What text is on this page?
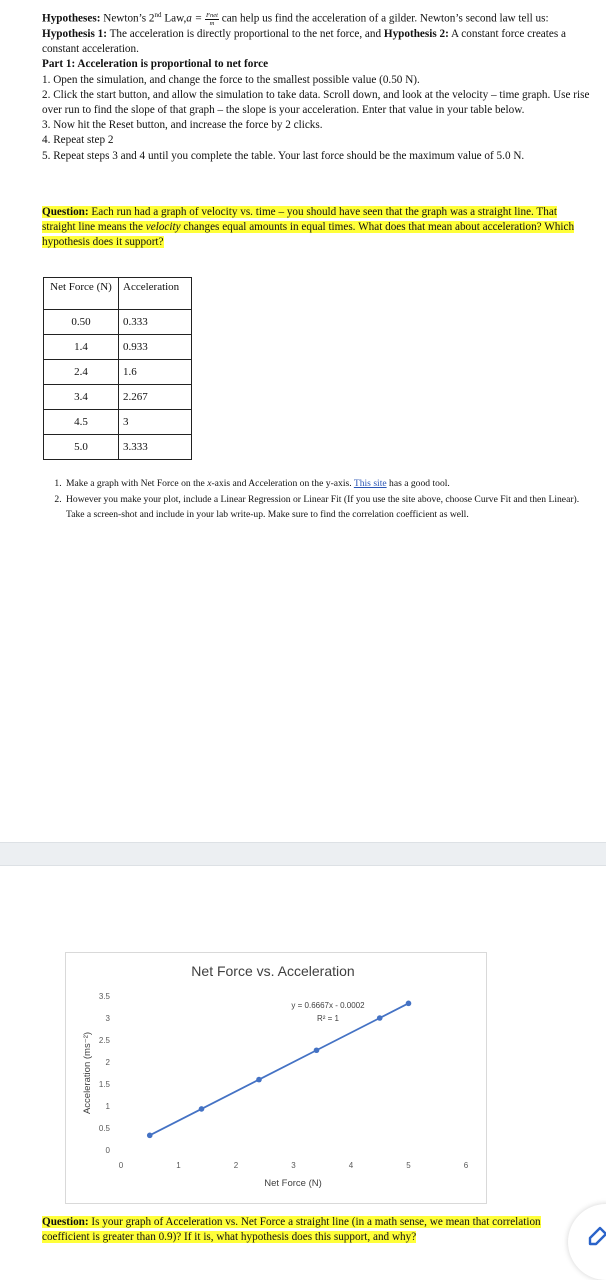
Hypotheses: Newton’s 2nd $Law,a = \frac{\text{Fnet}}{m}$ can help us find the acceleration of a gilder. Newton’s second law tell us: Hypothesis 1: The acceleration is directly proportional to the net force, and Hypothesis 2: A constant force creates a constant acceleration.

Part 1: Acceleration is proportional to net force

1. Open the simulation, and change the force to the smallest possible value (0.50 N).

2. Click the start button, and allow the simulation to take data. Scroll down, and look at the velocity – time graph. Use rise over run to find the slope of that graph – the slope is your acceleration. Enter that value in your table below.

3. Now hit the Reset button, and increase the force by 2 clicks.

4. Repeat step 2

5. Repeat steps 3 and 4 until you complete the table. Your last force should be the maximum value of 5.0 N.

Question: Each run had a graph of velocity vs. time – you should have seen that the graph was a straight line. That straight line means the velocity changes equal amounts in equal times. What does that mean about acceleration? Which hypothesis does it support?
Net Force (N)	Acceleration
0.50	0.333
1.4	0.933
2.4	1.6
3.4	2.267
4.5	3
5.0	3.333
1. Make a graph with Net Force on the x-axis and Acceleration on the y-axis. This site has a good tool.
2. However you make your plot, include a Linear Regression or Linear Fit (If you use the site above, choose Curve Fit and then Linear). Take a screen-shot and include in your lab write-up. Make sure to find the correlation coefficient as well.
Net Force vs. Acceleration
Net Force (N)
Acceleration (ms⁻²)
y = 0.6667x - 0.0002
R² = 1
0	1	2	3	4	5	6
0
0.5
1
1.5
2
2.5
3
3.5
Question: Is your graph of Acceleration vs. Net Force a straight line (in a math sense, we mean that correlation coefficient is greater than 0.9)? If it is, what hypothesis does this support, and why?
